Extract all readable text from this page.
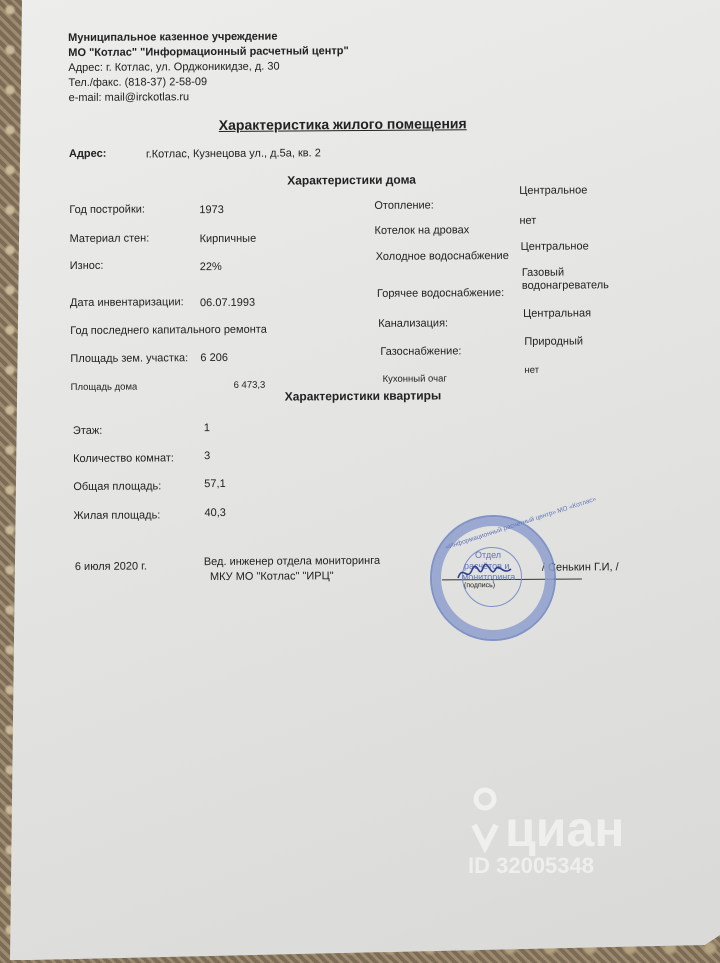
Муниципальное казенное учреждение
МО "Котлас" "Информационный расчетный центр"
Адрес: г. Котлас, ул. Орджоникидзе, д. 30
Тел./факс. (818-37) 2-58-09
e-mail: mail@irckotlas.ru
Характеристика жилого помещения
Адрес:	г.Котлас, Кузнецова ул., д.5а, кв. 2
Характеристики дома
Год постройки:	1973
Материал стен:	Кирпичные
Износ:	22%
Дата инвентаризации: 06.07.1993
Год последнего капитального ремонта
Площадь зем. участка: 6 206
Площадь дома	6 473,3
Отопление:
Центральное
Котелок на дровах
нет
Холодное водоснабжение
Центральное
Горячее водоснабжение:
Газовый
водонагреватель
Канализация:
Центральная
Газоснабжение:
Природный
Кухонный очаг
нет
Характеристики квартиры
Этаж:	1
Количество комнат:	3
Общая площадь:	57,1
Жилая площадь:	40,3
6 июля 2020 г.	Вед. инженер отдела мониторинга
МКУ МО "Котлас" "ИРЦ"
/ Сенькин Г.И, /
(подпись)
«Информационный расчетный центр» МО «Котлас»
Отдел
расчётов и
мониторинга
циан
ID 32005348
